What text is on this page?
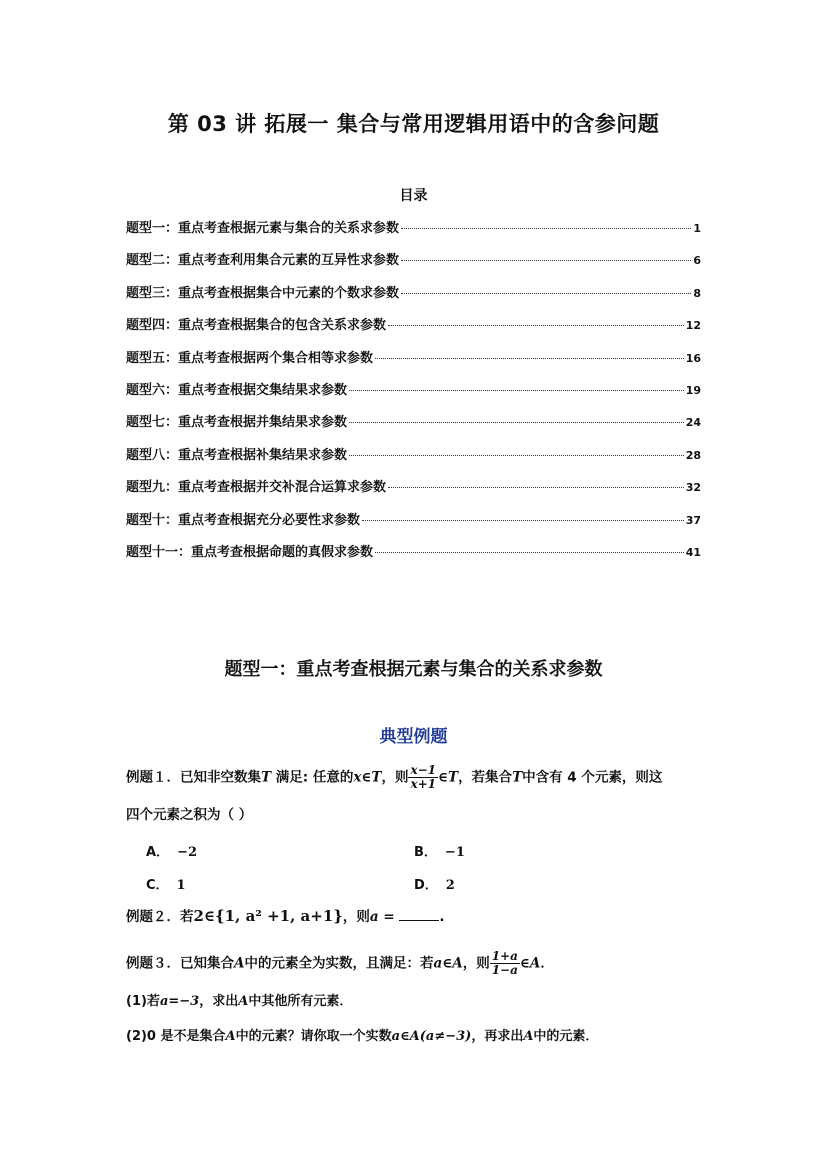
第 03 讲 拓展一 集合与常用逻辑用语中的含参问题
目录
题型一：重点考查根据元素与集合的关系求参数	1
题型二：重点考查利用集合元素的互异性求参数	6
题型三：重点考查根据集合中元素的个数求参数	8
题型四：重点考查根据集合的包含关系求参数	12
题型五：重点考查根据两个集合相等求参数	16
题型六：重点考查根据交集结果求参数	19
题型七：重点考查根据并集结果求参数	24
题型八：重点考查根据补集结果求参数	28
题型九：重点考查根据并交补混合运算求参数	32
题型十：重点考查根据充分必要性求参数	37
题型十一：重点考查根据命题的真假求参数	41
题型一：重点考查根据元素与集合的关系求参数
典型例题
例题１．已知非空数集T 满足: 任意的x∈T，则 $\frac{x-1}{x+1}$ ∈T，若集合T中含有 4 个元素，则这
四个元素之积为（ ）
A． −2	B． −1
C． 1	D． 2
例题２．若2∈{1, a² +1, a+1}，则a =	.
例题３．已知集合A中的元素全为实数，且满足：若a∈A，则 $\frac{1+a}{1-a}$ ∈A．
(1)若a=−3，求出A中其他所有元素．
(2)0 是不是集合A中的元素？请你取一个实数a∈A(a≠−3)，再求出A中的元素．
